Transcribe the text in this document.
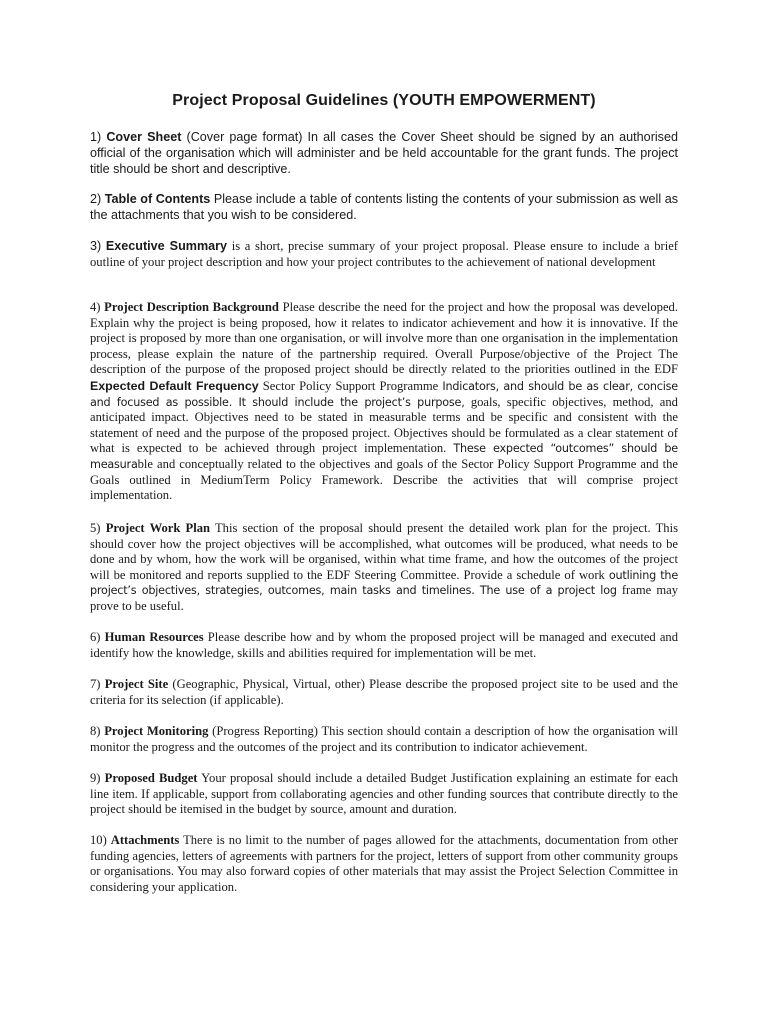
Project Proposal Guidelines (YOUTH EMPOWERMENT)

1) Cover Sheet (Cover page format) In all cases the Cover Sheet should be signed by an authorised official of the organisation which will administer and be held accountable for the grant funds. The project title should be short and descriptive.

2) Table of Contents Please include a table of contents listing the contents of your submission as well as the attachments that you wish to be considered.

3) Executive Summary is a short, precise summary of your project proposal. Please ensure to include a brief outline of your project description and how your project contributes to the achievement of national development

4) Project Description Background Please describe the need for the project and how the proposal was developed. Explain why the project is being proposed, how it relates to indicator achievement and how it is innovative. If the project is proposed by more than one organisation, or will involve more than one organisation in the implementation process, please explain the nature of the partnership required. Overall Purpose/objective of the Project The description of the purpose of the proposed project should be directly related to the priorities outlined in the EDF Expected Default Frequency Sector Policy Support Programme Indicators, and should be as clear, concise and focused as possible. It should include the project’s purpose, goals, specific objectives, method, and anticipated impact. Objectives need to be stated in measurable terms and be specific and consistent with the statement of need and the purpose of the proposed project. Objectives should be formulated as a clear statement of what is expected to be achieved through project implementation. These expected “outcomes” should be measurable and conceptually related to the objectives and goals of the Sector Policy Support Programme and the Goals outlined in MediumTerm Policy Framework. Describe the activities that will comprise project implementation.

5) Project Work Plan This section of the proposal should present the detailed work plan for the project. This should cover how the project objectives will be accomplished, what outcomes will be produced, what needs to be done and by whom, how the work will be organised, within what time frame, and how the outcomes of the project will be monitored and reports supplied to the EDF Steering Committee. Provide a schedule of work outlining the project’s objectives, strategies, outcomes, main tasks and timelines. The use of a project log frame may prove to be useful.

6) Human Resources Please describe how and by whom the proposed project will be managed and executed and identify how the knowledge, skills and abilities required for implementation will be met.

7) Project Site (Geographic, Physical, Virtual, other) Please describe the proposed project site to be used and the criteria for its selection (if applicable).

8) Project Monitoring (Progress Reporting) This section should contain a description of how the organisation will monitor the progress and the outcomes of the project and its contribution to indicator achievement.

9) Proposed Budget Your proposal should include a detailed Budget Justification explaining an estimate for each line item. If applicable, support from collaborating agencies and other funding sources that contribute directly to the project should be itemised in the budget by source, amount and duration.

10) Attachments There is no limit to the number of pages allowed for the attachments, documentation from other funding agencies, letters of agreements with partners for the project, letters of support from other community groups or organisations. You may also forward copies of other materials that may assist the Project Selection Committee in considering your application.
